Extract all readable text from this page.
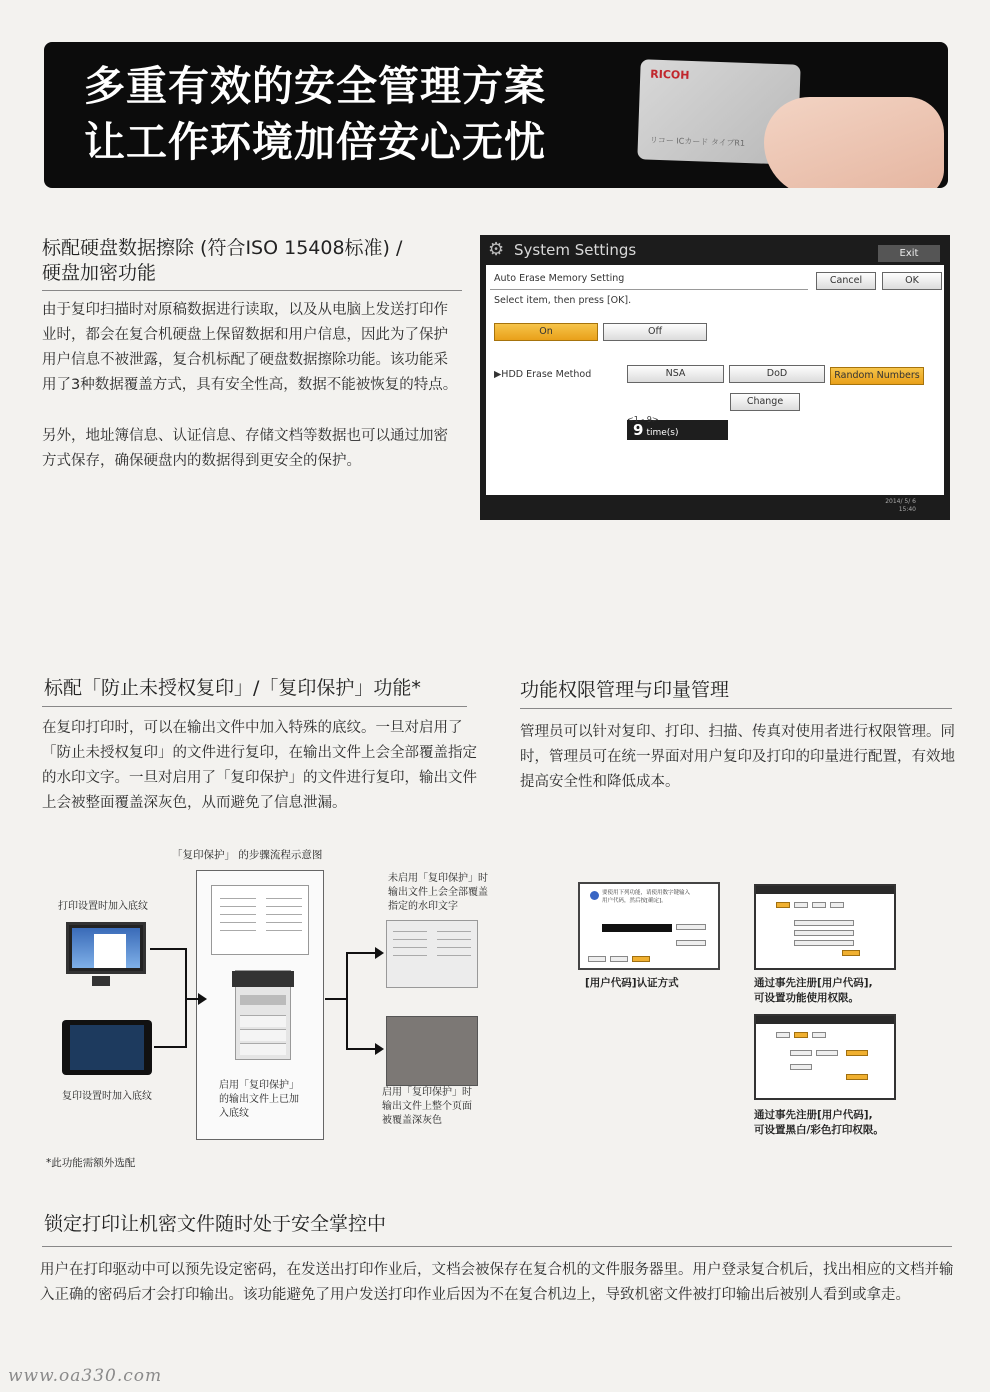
多重有效的安全管理方案
让工作环境加倍安心无忧
RICOH
リコー ICカード タイプR1
标配硬盘数据擦除 (符合ISO 15408标准) /
硬盘加密功能
由于复印扫描时对原稿数据进行读取，以及从电脑上发送打印作业时，都会在复合机硬盘上保留数据和用户信息，因此为了保护用户信息不被泄露，复合机标配了硬盘数据擦除功能。该功能采用了3种数据覆盖方式，具有安全性高，数据不能被恢复的特点。
另外，地址簿信息、认证信息、存储文档等数据也可以通过加密方式保存，确保硬盘内的数据得到更安全的保护。
⚙ System Settings	Exit
Auto Erase Memory Setting	Cancel	OK
Select item, then press [OK].
On	Off
▶HDD Erase Method	NSA	DoD	Random Numbers
9 time(s)
Change
<1 - 9>
2014/ 5/ 6
15:40
标配「防止未授权复印」/「复印保护」功能*
在复印打印时，可以在输出文件中加入特殊的底纹。一旦对启用了「防止未授权复印」的文件进行复印，在输出文件上会全部覆盖指定的水印文字。一旦对启用了「复印保护」的文件进行复印，输出文件上会被整面覆盖深灰色，从而避免了信息泄漏。
功能权限管理与印量管理
管理员可以针对复印、打印、扫描、传真对使用者进行权限管理。同时，管理员可在统一界面对用户复印及打印的印量进行配置，有效地提高安全性和降低成本。
「复印保护」 的步骤流程示意图
打印设置时加入底纹
复印设置时加入底纹
启用「复印保护」
的输出文件上已加
入底纹
未启用「复印保护」时
输出文件上会全部覆盖
指定的水印文字
启用「复印保护」时
输出文件上整个页面
被覆盖深灰色
*此功能需额外选配
要使用下列功能，请使用数字键输入
用户代码，然后按[确定]。
[用户代码]认证方式	通过事先注册[用户代码],
可设置功能使用权限。
通过事先注册[用户代码],
可设置黑白/彩色打印权限。
锁定打印让机密文件随时处于安全掌控中
用户在打印驱动中可以预先设定密码，在发送出打印作业后，文档会被保存在复合机的文件服务器里。用户登录复合机后，找出相应的文档并输入正确的密码后才会打印输出。该功能避免了用户发送打印作业后因为不在复合机边上，导致机密文件被打印输出后被别人看到或拿走。
www.oa330.com
